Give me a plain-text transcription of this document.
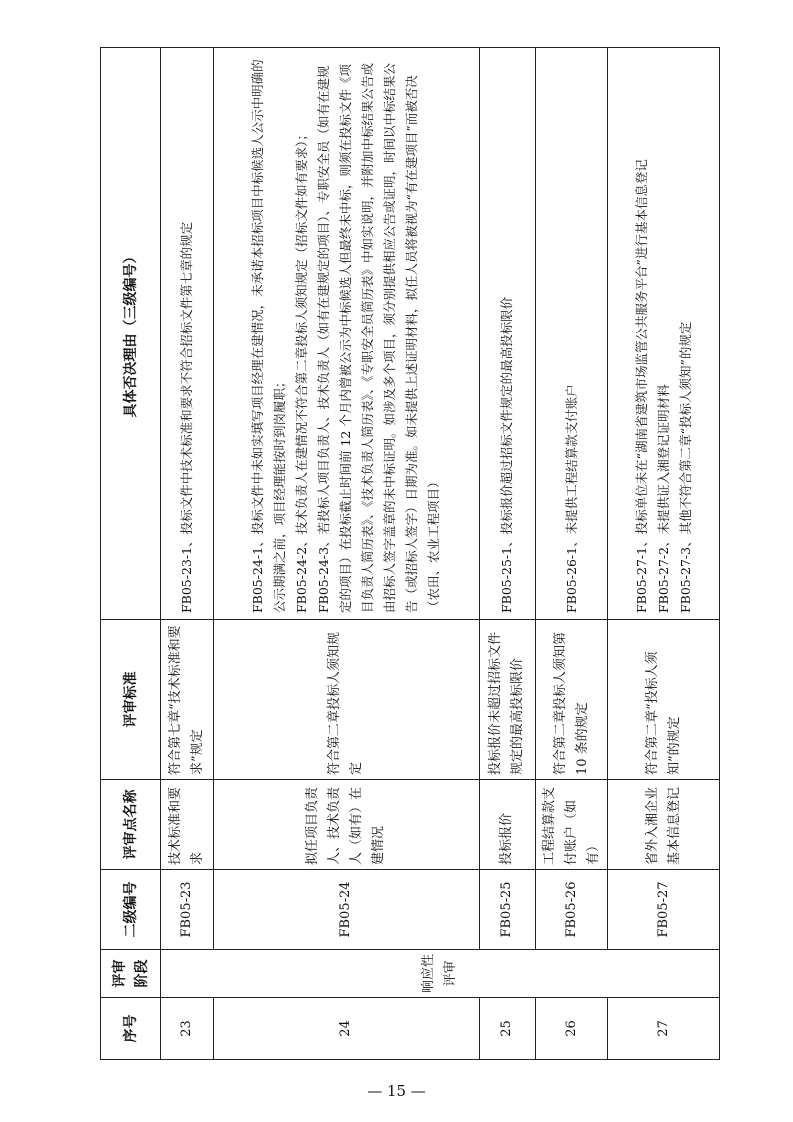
序号	评审阶段	二级编号	评审点名称	评审标准	具体否决理由（三级编号）
23	响应性评审	FB05-23	技术标准和要求	符合第七章“技术标准和要求”规定	FB05-23-1、投标文件中技术标准和要求不符合招标文件第七章的规定

24		FB05-24	拟任项目负责人、技术负责人（如有）在建情况	符合第二章投标人须知规定	FB05-24-1、投标文件中未如实填写项目经理在建情况，未承诺本招标项目中标候选人公示中明确的公示期满之前，项目经理能按时到岗履职； FB05-24-2、技术负责人在建情况不符合第二章投标人须知规定（招标文件如有要求）； FB05-24-3、若投标人项目负责人、技术负责人（如有在建规定的项目）、专职安全员（如有在建规定的项目）在投标截止时间前 12 个月内曾被公示为中标候选人但最终未中标，则须在投标文件《项目负责人简历表》、《技术负责人简历表》、《专职安全员简历表》中如实说明，并附加中标结果公告或由招标人签字盖章的未中标证明。如涉及多个项目，须分别提供相应公告或证明，时间以中标结果公告（或招标人签字）日期为准。如未提供上述证明材料，拟任人员将被视为“有在建项目”而被否决（农田、农业工程项目）

25		FB05-25	投标报价	投标报价未超过招标文件规定的最高投标限价	FB05-25-1、投标报价超过招标文件规定的最高投标限价

26		FB05-26	工程结算款支付账户（如有）	符合第二章投标人须知第 10 条的规定	FB05-26-1、未提供工程结算款支付账户

27		FB05-27	省外入湘企业基本信息登记	符合第二章“投标人须知”的规定	FB05-27-1、投标单位未在“湖南省建筑市场监管公共服务平台”进行基本信息登记 FB05-27-2、未提供证入湘登记证明材料 FB05-27-3、其他不符合第二章“投标人须知”的规定
— 15 —
